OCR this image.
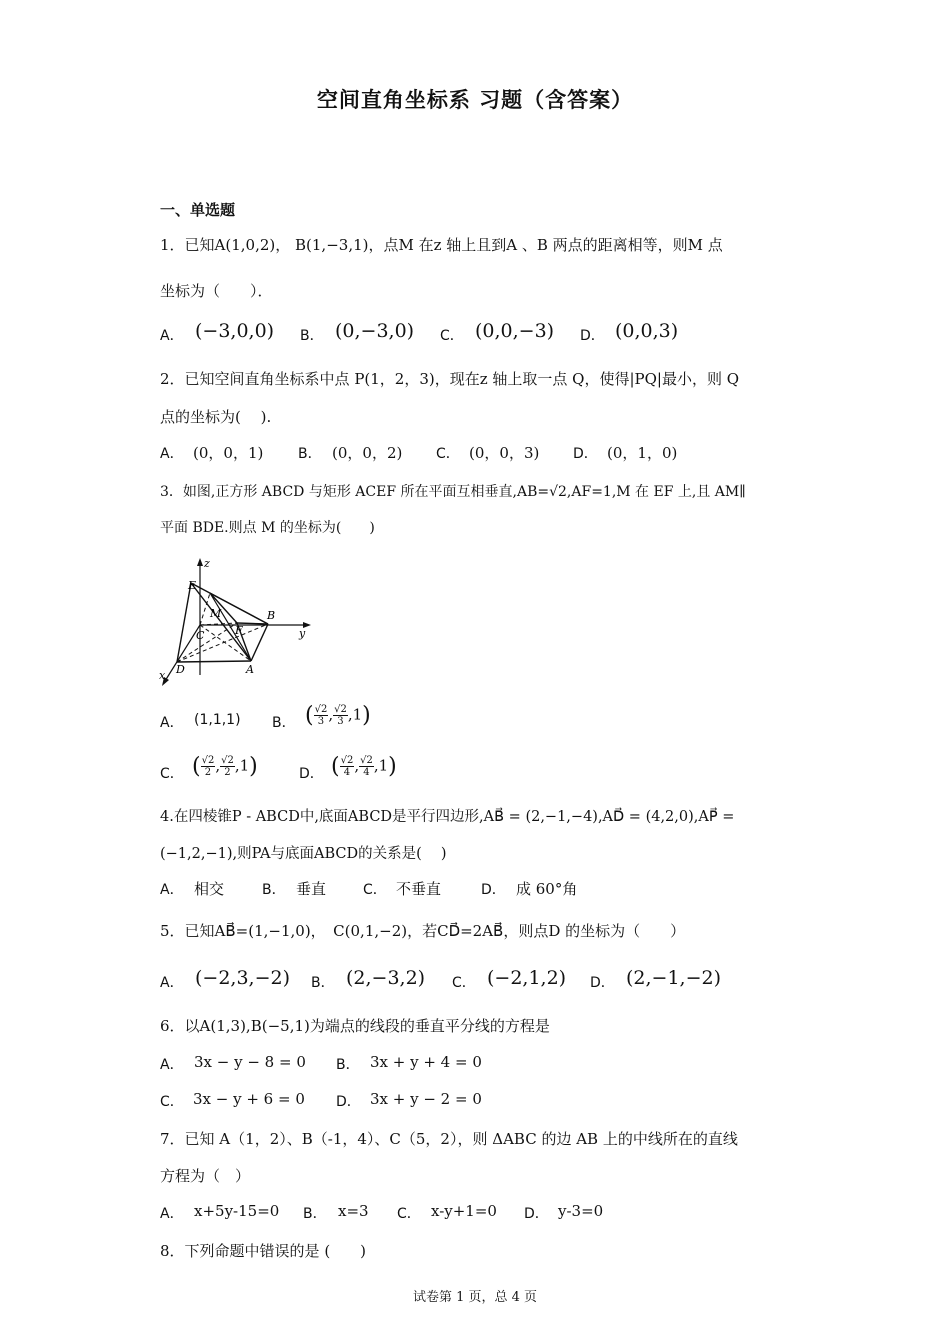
空间直角坐标系 习题（含答案）
一、单选题
1．已知A(1,0,2)， B(1,−3,1)，点M 在z 轴上且到A 、B 两点的距离相等，则M 点
坐标为（　　）．
A． (−3,0,0) B． (0,−3,0) C． (0,0,−3) D． (0,0,3)
2．已知空间直角坐标系中点 P(1，2，3)，现在z 轴上取一点 Q，使得|PQ|最小，则 Q
点的坐标为(　 ).
A． (0，0，1) B． (0，0，2) C． (0，0，3) D． (0，1，0)
3．如图,正方形 ABCD 与矩形 ACEF 所在平面互相垂直,AB=√2,AF=1,M 在 EF 上,且 AM∥
平面 BDE.则点 M 的坐标为(　　)
z
y
x
E
M	B
C	F
D	A
A． (1,1,1) B． ( $\frac{√2}{3}$ , $\frac{√2}{3} ,1$)
C． ( $\frac{√2}{2}$ , $\frac{√2}{2} ,1$)	D． ( $\frac{√2}{4}$ , $\frac{√2}{4} ,1$)
4.在四棱锥P - ABCD中,底面ABCD是平行四边形,AB⃗ = (2,−1,−4),AD⃗ = (4,2,0),AP⃗ =
(−1,2,−1),则PA与底面ABCD的关系是(　 )
A． 相交	B． 垂直	C． 不垂直	D． 成 60°角
5．已知AB⃗=(1,−1,0)，　C(0,1,−2)，若CD⃗=2AB⃗，则点D 的坐标为（　　）
A． (−2,3,−2) B． (2,−3,2) C． (−2,1,2) D． (2,−1,−2)
6．以A(1,3),B(−5,1)为端点的线段的垂直平分线的方程是
A． 3x − y − 8 = 0 B． 3x + y + 4 = 0
C． 3x − y + 6 = 0 D． 3x + y − 2 = 0
7．已知 A（1，2）、B（-1，4）、C（5，2），则 ΔABC 的边 AB 上的中线所在的直线
方程为（　）
A． x+5y-15=0 B． x=3 C． x-y+1=0 D． y-3=0
8．下列命题中错误的是 (　　)
试卷第 1 页，总 4 页
